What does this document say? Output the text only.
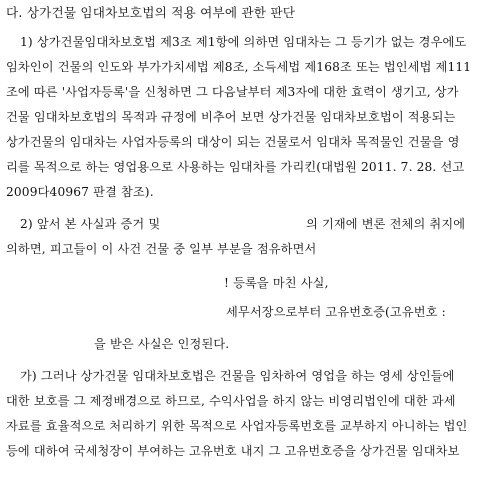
다. 상가건물 임대차보호법의 적용 여부에 관한 판단
1) 상가건물임대차보호법 제3조 제1항에 의하면 임대차는 그 등기가 없는 경우에도
임차인이 건물의 인도와 부가가치세법 제8조, 소득세법 제168조 또는 법인세법 제111
조에 따른 '사업자등록'을 신청하면 그 다음날부터 제3자에 대한 효력이 생기고, 상가
건물 임대차보호법의 목적과 규정에 비추어 보면 상가건물 임대차보호법이 적용되는
상가건물의 임대차는 사업자등록의 대상이 되는 건물로서 임대차 목적물인 건물을 영
리를 목적으로 하는 영업용으로 사용하는 임대차를 가리킨(대법원 2011. 7. 28. 선고
2009다40967 판결 참조).
2) 앞서 본 사실과 증거 및	의 기재에 변론 전체의 취지에
의하면, 피고들이 이 사건 건물 중 일부 부분을 점유하면서
! 등록을 마친 사실,
세무서장으로부터 고유번호증(고유번호 :
을 받은 사실은 인정된다.
가) 그러나 상가건물 임대차보호법은 건물을 임차하여 영업을 하는 영세 상인들에
대한 보호를 그 제정배경으로 하므로, 수익사업을 하지 않는 비영리법인에 대한 과세
자료를 효율적으로 처리하기 위한 목적으로 사업자등록번호를 교부하지 아니하는 법인
등에 대하여 국세청장이 부여하는 고유번호 내지 그 고유번호증을 상가건물 임대차보
